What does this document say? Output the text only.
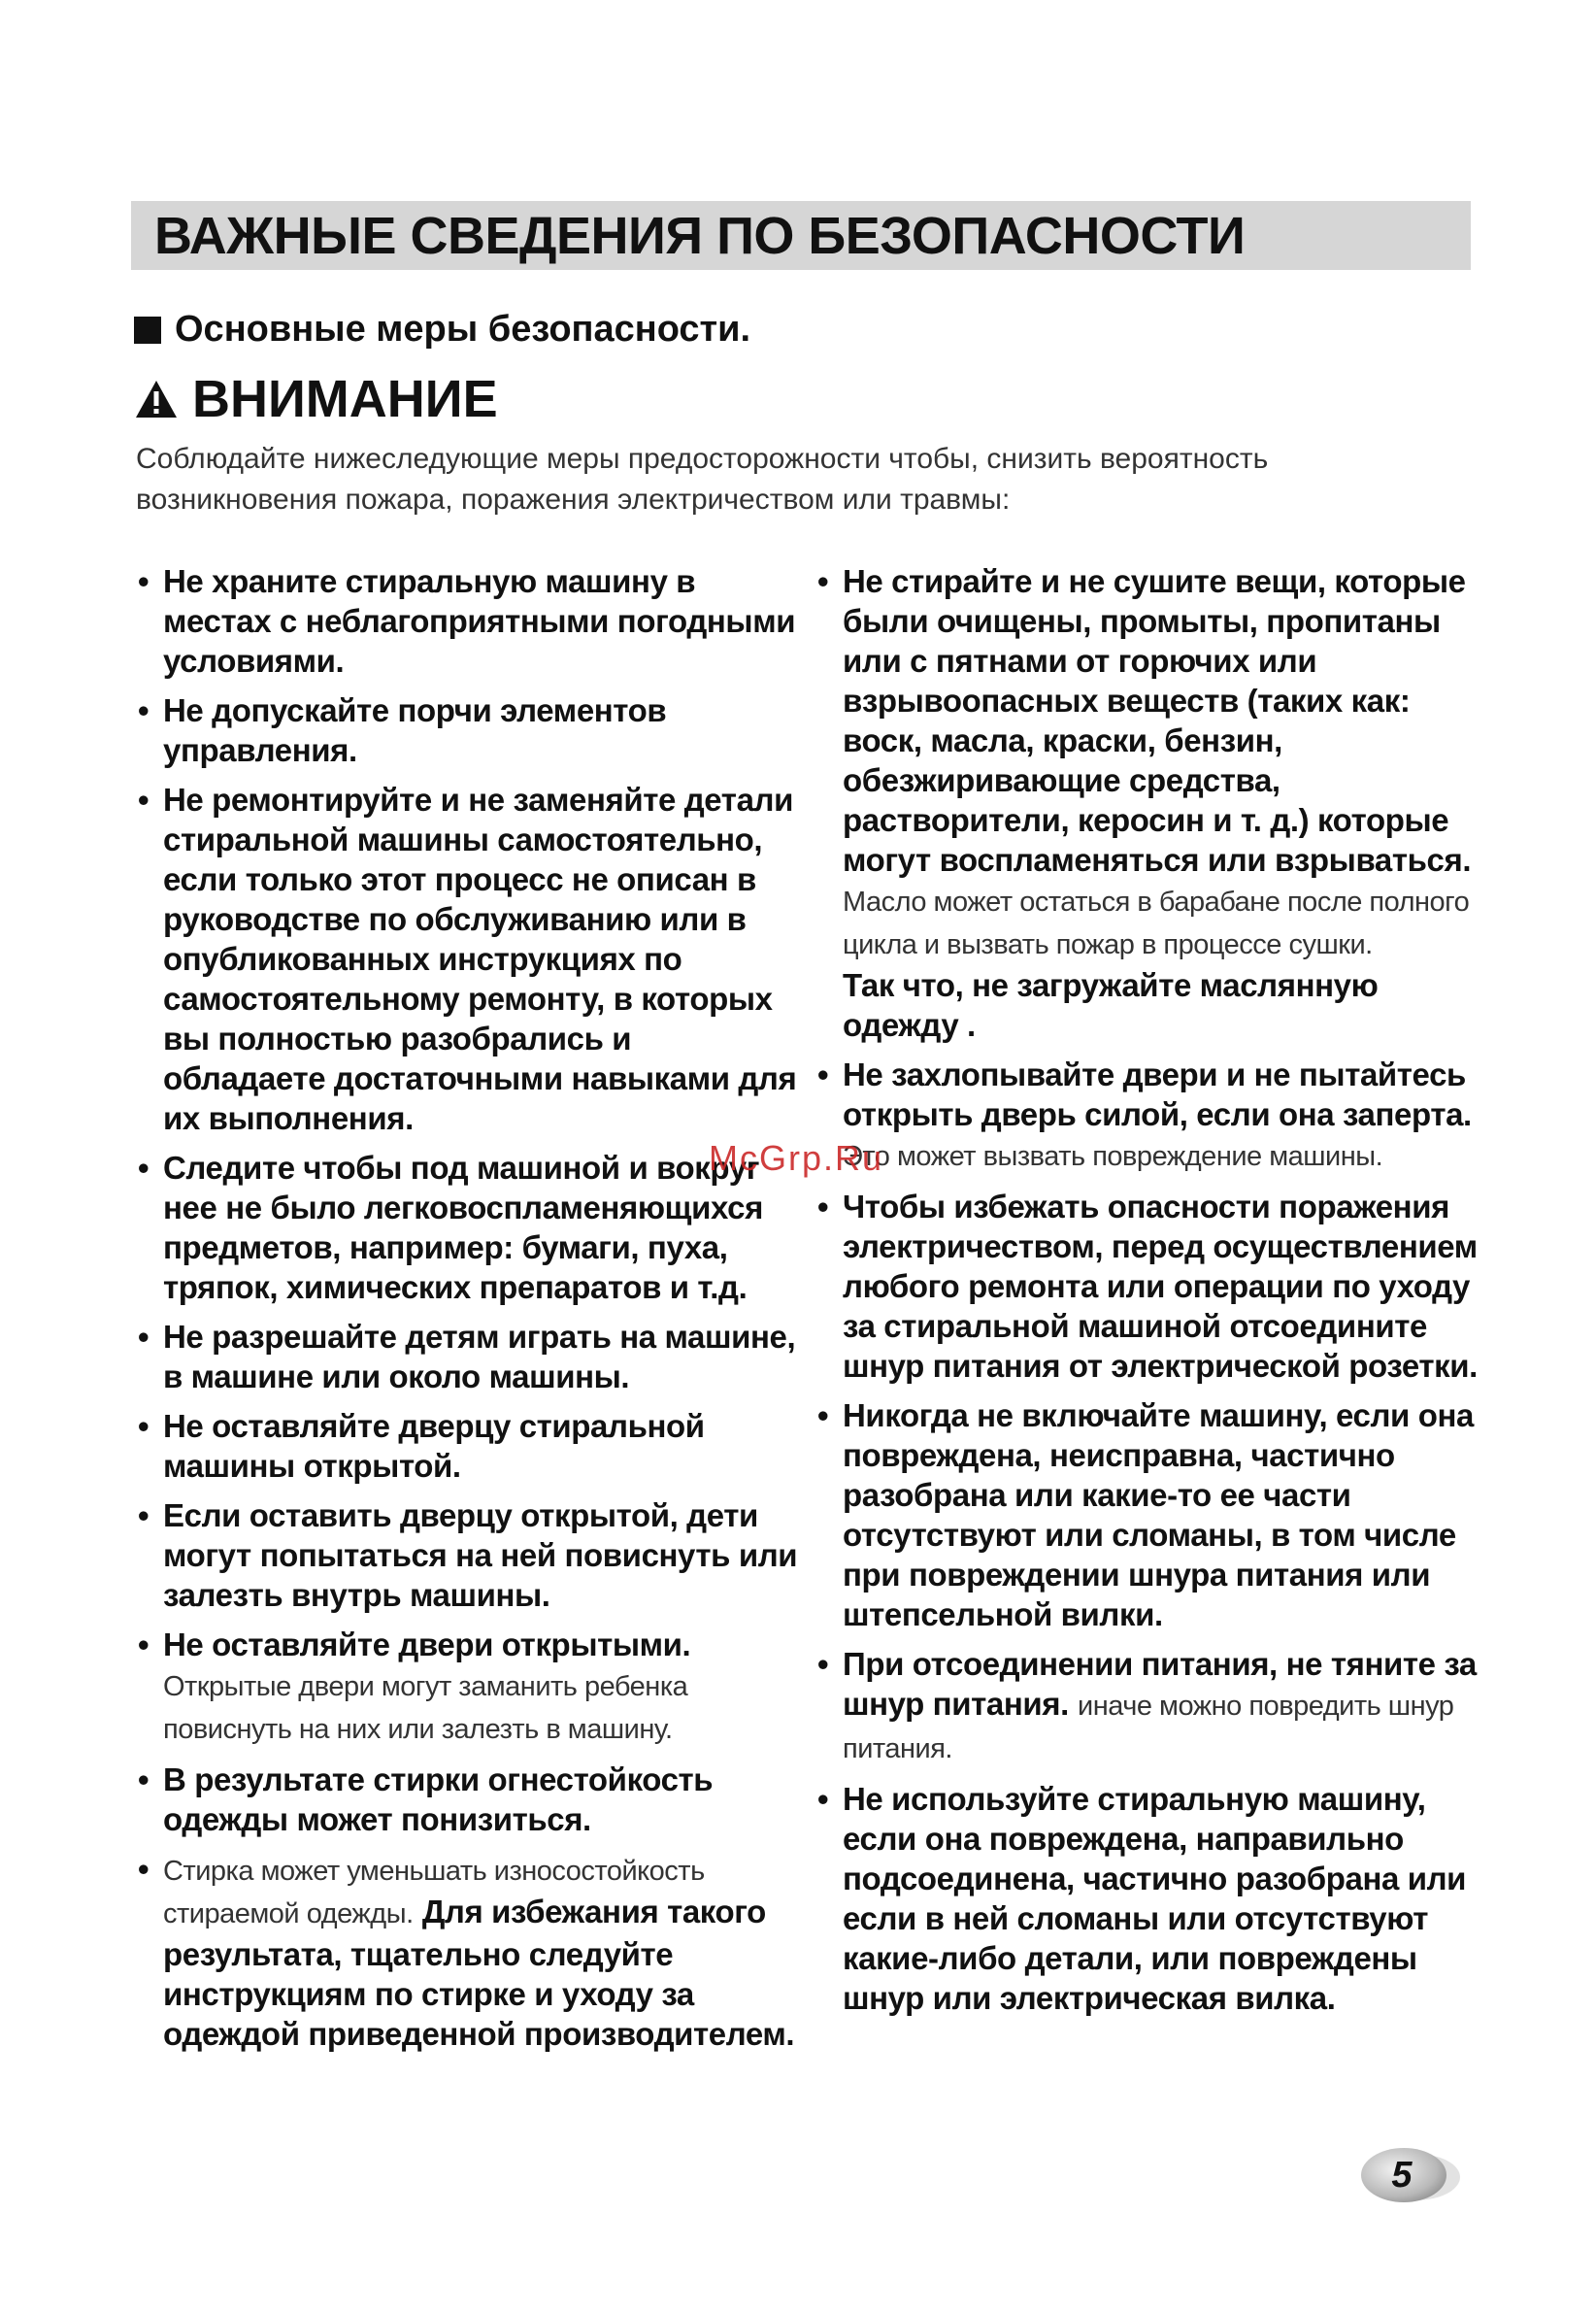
ВАЖНЫЕ СВЕДЕНИЯ ПО БЕЗОПАСНОСТИ
Основные меры безопасности.
ВНИМАНИЕ
Соблюдайте нижеследующие меры предосторожности чтобы, снизить вероятность возникновения пожара, поражения электричеством или травмы:
• Не храните стиральную машину в местах с неблагоприятными погодными условиями.
• Не допускайте порчи элементов управления.
• Не ремонтируйте и не заменяйте детали стиральной машины самостоятельно, если только этот процесс не описан в руководстве по обслуживанию или в опубликованных инструкциях по самостоятельному ремонту, в которых вы полностью разобрались и обладаете достаточными навыками для их выполнения.
• Следите чтобы под машиной и вокруг нее не было легковоспламеняющихся предметов, например: бумаги, пуха, тряпок, химических препаратов и т.д.
• Не разрешайте детям играть на машине, в машине или около машины.
• Не оставляйте дверцу стиральной машины открытой.
• Если оставить дверцу открытой, дети могут попытаться на ней повиснуть или залезть внутрь машины.
• Не оставляйте двери открытыми. Открытые двери могут заманить ребенка повиснуть на них или залезть в машину.
• В результате стирки огнестойкость одежды может понизиться.
• Стирка может уменьшать износостойкость стираемой одежды. Для избежания такого результата, тщательно следуйте инструкциям по стирке и уходу за одеждой приведенной производителем.
• Не стирайте и не сушите вещи, которые были очищены, промыты, пропитаны или с пятнами от горючих или взрывоопасных веществ (таких как: воск, масла, краски, бензин, обезжиривающие средства, растворители, керосин и т. д.) которые могут воспламеняться или взрываться. Масло может остаться в барабане после полного цикла и вызвать пожар в процессе сушки.
Так что, не загружайте маслянную одежду .
• Не захлопывайте двери и не пытайтесь открыть дверь силой, если она заперта. Это может вызвать повреждение машины.
• Чтобы избежать опасности поражения электричеством, перед осуществлением любого ремонта или операции по уходу за стиральной машиной отсоедините шнур питания от электрической розетки.
• Никогда не включайте машину, если она повреждена, неисправна, частично разобрана или какие-то ее части отсутствуют или сломаны, в том числе при повреждении шнура питания или штепсельной вилки.
• При отсоединении питания, не тяните за шнур питания. иначе можно повредить шнур питания.
• Не используйте стиральную машину, если она повреждена, направильно подсоединена, частично разобрана или если в ней сломаны или отсутствуют какие-либо детали, или повреждены шнур или электрическая вилка.
McGrp.Ru
5
